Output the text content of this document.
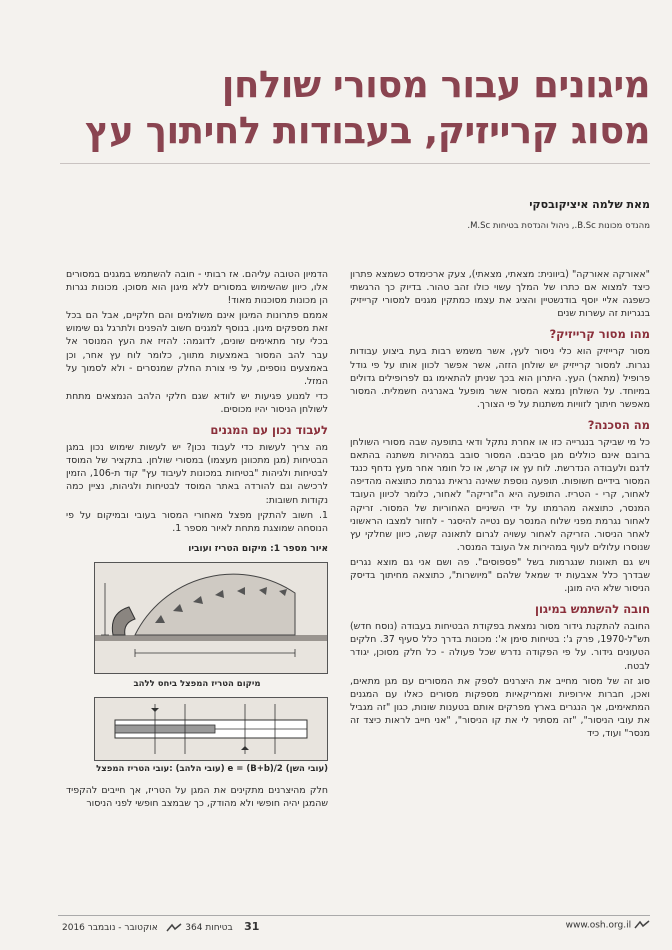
מיגונים עבור מסורי שולחן
מסוג קרייזיק, בעבודות לחיתוך עץ
מאת שלמה איציקובסקי
מהנדס מכונות B.Sc., ניהול והנדסת בטיחות M.Sc.

"אאורקה אאורקה" (ביוונית: מצאתי, מצאתי), צעק ארכימדס כשמצא פתרון כיצד למצוא אם כתרו של המלך עשוי כולו זהב טהור. בדיוק כך הרגשתי כשפגה אליי יוסף בודנשטיין והציג את עצמו כמתקין מגנים למסורי קרייזיק בנגריות זה עשרות שנים

מהו מסור קרייזיק?

מסור קרייזיק הוא כלי ניסור לעץ, אשר משמש רבות בעת ביצוע עבודות נגרות. למסור קרייזיק יש שולחן הזזה, אשר אפשר לכוון אותו על פי גודל פרופיל (מתאר) העץ. היתרון הוא בכך שניתן להתאימו גם לפרופילים גדולים במיוחד. על השולחן נמצא המסור אשר מופעל באנרגיה חשמלית. המסור מאפשר חיתוך לזוויות משתנות על פי הצורך.

מה הסכנה?

כל מי שביקר בנגרייה כזו או אחרת נתקל ודאי בתופעה שבה מסורי השולחן ברובם אינם כוללים מגן סביבם. המסור סובב במהירות משתנה בהתאם לדגם ולעבודה הנדרשת. לוח עץ או קרש, או כל חומר אחר מעץ נדחף כנגד המסור בידיים חשופות. תופעה נוספת שאינה נראית נגרמת כתוצאה מהדיפה לאחור, קרי - הטריז. התופעה היא ה"זריקה" לאחור, כלומר לכיוון העובד המנסר, כתוצאה מהרמתו על ידי השיניים האחוריות של המסור. זריקה לאחור נגרמת מפני שלוח המנסר עם נטייה להיסגר - לחזור למצבו הראשוני לאחר הניסור. הזריקה לאחור עשויה לגרום לתאונה קשה, כיוון שחלקי עץ שנוסרו עלולים לעוף במהירות אל העובד המנסר.

ויש גם תאונות שנגרמות בשל "פספוסים". פה ושם אני גם מוצא נגרים שבדרך כלל אצבעות יד שמאל שלהם "מיושרות", כתוצאה מחיתוך בדיסק הניסור שלא היה מוגן.

חובה להשתמש במיגון

החובה להתקנת גידור מסור נמצאת בפקודת הבטיחות בעבודה (נוסח חדש) תש"ל-1970, פרק ג': בטיחות סימן א': מכונות בדרך כלל סעיף 37. חלקים הטעונים גידור. על פי הפקודה נדרש שכל פעולה - כל חלק מסוכן, יגודר לבטח.

סוג זה של מסור מחייב את היצרנים לספק את המסורים עם מגן מתאים, ואכן, חברות אירופיות ואמריקאיות מספקות מסורים כאלו עם המגנים המתאימים, אך הנגרים בארץ מפרקים אותם בטענות שונות, כגון "זה מגביל את עובי הניסור", "זה מסתיר לי את קו הניסור", "אני חייב לראות כיצד זה מנסר" ועוד, כיד

הדמיון הטובה עליהם. אז רבותי - חובה להשתמש במגנים במסורים אלו, כיוון שהשימוש במסורים ללא מיגון הוא מסוכן. מכונות נגרות הן מכונות מסוכנות מאוד!

אממם פתרונות המיגון אינם משולמים והם חלקיים, אבל הם בכל זאת מספקים מיגון. בנוסף למגנים חשוב להפנים ולתרגל גם שימוש בכלי עזר מתאימים שונים, לדוגמה: להזיז את העץ המנוסר אל עבר להב המסור באמצעות מתווך, כלומר לוח עץ אחר, וכן באמצעים נוספים, על פי צורת החלק שמנסרים - ולא לסמוך על המזל.

כדי למנוע פגיעות יש לוודא שגם חלקי הלהב הנמצאים מתחת לשולחן הניסור יהיו מכוסים.

לעבוד נכון עם המגנים

מה צריך לעשות כדי לעבוד נכון? יש לעשות שימוש נכון במגן הבטיחות (מגן מתכוונן מעצמו) במסורי שולחן. בתקציר של המוסד לבטיחות ולגיהות "בטיחות במכונות לעיבוד עץ" קוד ת-106, הזמין לרכישה וגם להורדה באתר המוסד לבטיחות ולגיהות, נציין כמה נקודות חשובות:

1. חשוב להתקין מפצל מאחורי המסור בעובי ובמיקום על פי הנוסחה שמוצגת מתחת לאיור מספר 1.

איור מספר 1: מיקום הטריז ועוביו
מיקום הטריז המפצל ביחס ללהב
עובי הטריז המפצל: (עובי הלהב) e = (B+b)/2 (עובי השן)

חלק מהיצרנים מתקינים את המגן על הטריז, אך חייבים להקפיד שהמגן יהיה חופשי ולא מהודק, כך שבמצב חופשי לפני הניסור

31    בטיחות 364    אוקטובר - נובמבר 2016	www.osh.org.il
